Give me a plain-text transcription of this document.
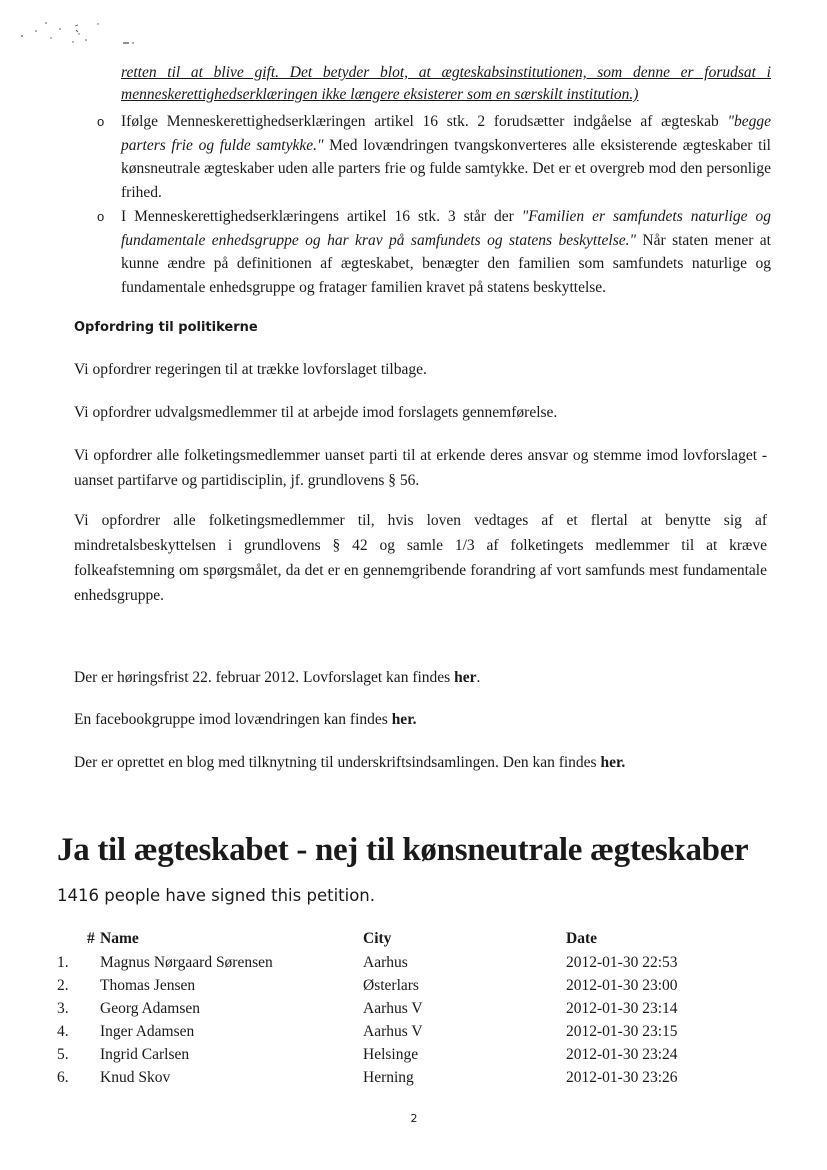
retten til at blive gift. Det betyder blot, at ægteskabsinstitutionen, som denne er forudsat i
menneskerettighedserklæringen ikke længere eksisterer som en særskilt institution.)
o Ifølge Menneskerettighedserklæringen artikel 16 stk. 2 forudsætter indgåelse af ægteskab "begge parters frie og fulde samtykke." Med lovændringen tvangskonverteres alle eksisterende ægteskaber til kønsneutrale ægteskaber uden alle parters frie og fulde samtykke. Det er et overgreb mod den personlige frihed.
o I Menneskerettighedserklæringens artikel 16 stk. 3 står der "Familien er samfundets naturlige og fundamentale enhedsgruppe og har krav på samfundets og statens beskyttelse." Når staten mener at kunne ændre på definitionen af ægteskabet, benægter den familien som samfundets naturlige og fundamentale enhedsgruppe og fratager familien kravet på statens beskyttelse.
Opfordring til politikerne

Vi opfordrer regeringen til at trække lovforslaget tilbage.

Vi opfordrer udvalgsmedlemmer til at arbejde imod forslagets gennemførelse.

Vi opfordrer alle folketingsmedlemmer uanset parti til at erkende deres ansvar og stemme imod lovforslaget - uanset partifarve og partidisciplin, jf. grundlovens § 56.

Vi opfordrer alle folketingsmedlemmer til, hvis loven vedtages af et flertal at benytte sig af mindretalsbeskyttelsen i grundlovens § 42 og samle 1/3 af folketingets medlemmer til at kræve folkeafstemning om spørgsmålet, da det er en gennemgribende forandring af vort samfunds mest fundamentale enhedsgruppe.

Der er høringsfrist 22. februar 2012. Lovforslaget kan findes her.

En facebookgruppe imod lovændringen kan findes her.

Der er oprettet en blog med tilknytning til underskriftsindsamlingen. Den kan findes her.

Ja til ægteskabet - nej til kønsneutrale ægteskaber
1416 people have signed this petition.
# Name	City	Date
1.	Magnus Nørgaard Sørensen	Aarhus	2012-01-30 22:53
2.	Thomas Jensen	Østerlars	2012-01-30 23:00
3.	Georg Adamsen	Aarhus V	2012-01-30 23:14
4.	Inger Adamsen	Aarhus V	2012-01-30 23:15
5.	Ingrid Carlsen	Helsinge	2012-01-30 23:24
6.	Knud Skov	Herning	2012-01-30 23:26
2
